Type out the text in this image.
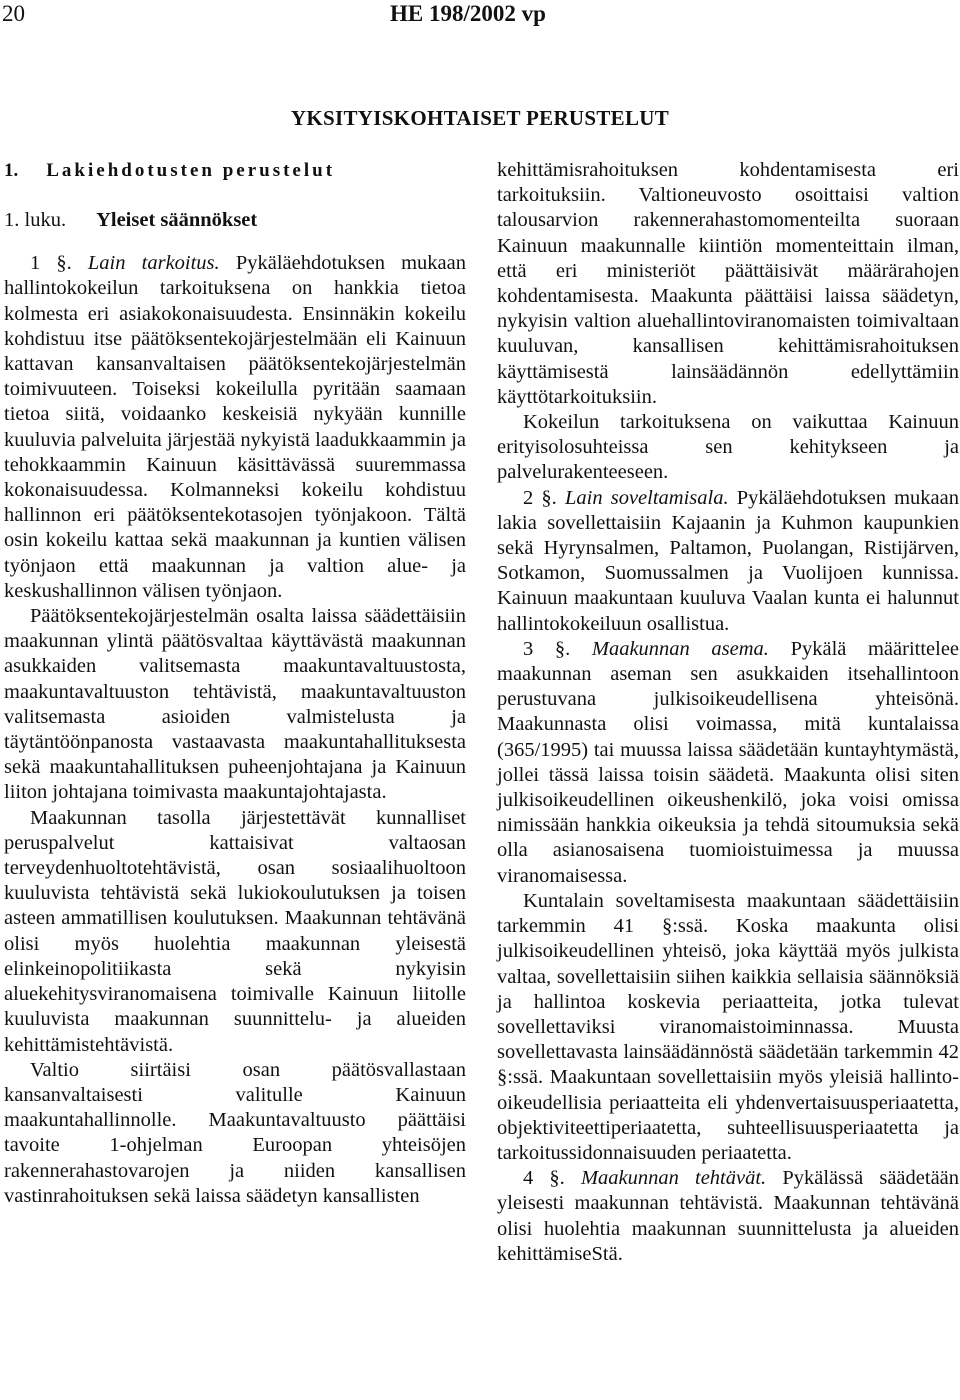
20	HE 198/2002 vp
YKSITYISKOHTAISET PERUSTELUT
1. Lakiehdotusten perustelut
1. luku. Yleiset säännökset

1 §. Lain tarkoitus. Pykäläehdotuksen mukaan hallintokokeilun tarkoituksena on hankkia tietoa kolmesta eri asiakokonaisuudesta. Ensinnäkin kokeilu kohdistuu itse päätöksentekojärjestelmään eli Kainuun kattavan kansanvaltaisen päätöksentekojärjestelmän toimivuuteen. Toiseksi kokeilulla pyritään saamaan tietoa siitä, voidaanko keskeisiä nykyään kunnille kuuluvia palveluita järjestää nykyistä laadukkaammin ja tehokkaammin Kainuun käsittävässä suuremmassa kokonaisuudessa. Kolmanneksi kokeilu kohdistuu hallinnon eri päätöksentekotasojen työnjakoon. Tältä osin kokeilu kattaa sekä maakunnan ja kuntien välisen työnjaon että maakunnan ja valtion alue- ja keskushallinnon välisen työnjaon.

Päätöksentekojärjestelmän osalta laissa säädettäisiin maakunnan ylintä päätösvaltaa käyttävästä maakunnan asukkaiden valitsemasta maakuntavaltuustosta, maakuntavaltuuston tehtävistä, maakuntavaltuuston valitsemasta asioiden valmistelusta ja täytäntöönpanosta vastaavasta maakuntahallituksesta sekä maakuntahallituksen puheenjohtajana ja Kainuun liiton johtajana toimivasta maakuntajohtajasta.

Maakunnan tasolla järjestettävät kunnalliset peruspalvelut kattaisivat valtaosan terveydenhuoltotehtävistä, osan sosiaalihuoltoon kuuluvista tehtävistä sekä lukiokoulutuksen ja toisen asteen ammatillisen koulutuksen. Maakunnan tehtävänä olisi myös huolehtia maakunnan yleisestä elinkeinopolitiikasta sekä nykyisin aluekehitysviranomaisena toimivalle Kainuun liitolle kuuluvista maakunnan suunnittelu- ja alueiden kehittämistehtävistä.

Valtio siirtäisi osan päätösvallastaan kansanvaltaisesti valitulle Kainuun maakuntahallinnolle. Maakuntavaltuusto päättäisi tavoite 1-ohjelman Euroopan yhteisöjen rakennerahastovarojen ja niiden kansallisen vastinrahoituksen sekä laissa säädetyn kansallisten

kehittämisrahoituksen kohdentamisesta eri tarkoituksiin. Valtioneuvosto osoittaisi valtion talousarvion rakennerahastomomenteilta suoraan Kainuun maakunnalle kiintiön momenteittain ilman, että eri ministeriöt päättäisivät määrärahojen kohdentamisesta. Maakunta päättäisi laissa säädetyn, nykyisin valtion aluehallintoviranomaisten toimivaltaan kuuluvan, kansallisen kehittämisrahoituksen käyttämisestä lainsäädännön edellyttämiin käyttötarkoituksiin.

Kokeilun tarkoituksena on vaikuttaa Kainuun erityisolosuhteissa sen kehitykseen ja palvelurakenteeseen.

2 §. Lain soveltamisala. Pykäläehdotuksen mukaan lakia sovellettaisiin Kajaanin ja Kuhmon kaupunkien sekä Hyrynsalmen, Paltamon, Puolangan, Ristijärven, Sotkamon, Suomussalmen ja Vuolijoen kunnissa. Kainuun maakuntaan kuuluva Vaalan kunta ei halunnut hallintokokeiluun osallistua.

3 §. Maakunnan asema. Pykälä määrittelee maakunnan aseman sen asukkaiden itsehallintoon perustuvana julkisoikeudellisena yhteisönä. Maakunnasta olisi voimassa, mitä kuntalaissa (365/1995) tai muussa laissa säädetään kuntayhtymästä, jollei tässä laissa toisin säädetä. Maakunta olisi siten julkisoikeudellinen oikeushenkilö, joka voisi omissa nimissään hankkia oikeuksia ja tehdä sitoumuksia sekä olla asianosaisena tuomioistuimessa ja muussa viranomaisessa.

Kuntalain soveltamisesta maakuntaan säädettäisiin tarkemmin 41 §:ssä. Koska maakunta olisi julkisoikeudellinen yhteisö, joka käyttää myös julkista valtaa, sovellettaisiin siihen kaikkia sellaisia säännöksiä ja hallintoa koskevia periaatteita, jotka tulevat sovellettaviksi viranomaistoiminnassa. Muusta sovellettavasta lainsäädännöstä säädetään tarkemmin 42 §:ssä. Maakuntaan sovellettaisiin myös yleisiä hallinto-oikeudellisia periaatteita eli yhdenvertaisuusperiaatetta, objektiviteettiperiaatetta, suhteellisuusperiaatetta ja tarkoitussidonnaisuuden periaatetta.

4 §. Maakunnan tehtävät. Pykälässä säädetään yleisesti maakunnan tehtävistä. Maakunnan tehtävänä olisi huolehtia maakunnan suunnittelusta ja alueiden kehittämiseStä.
